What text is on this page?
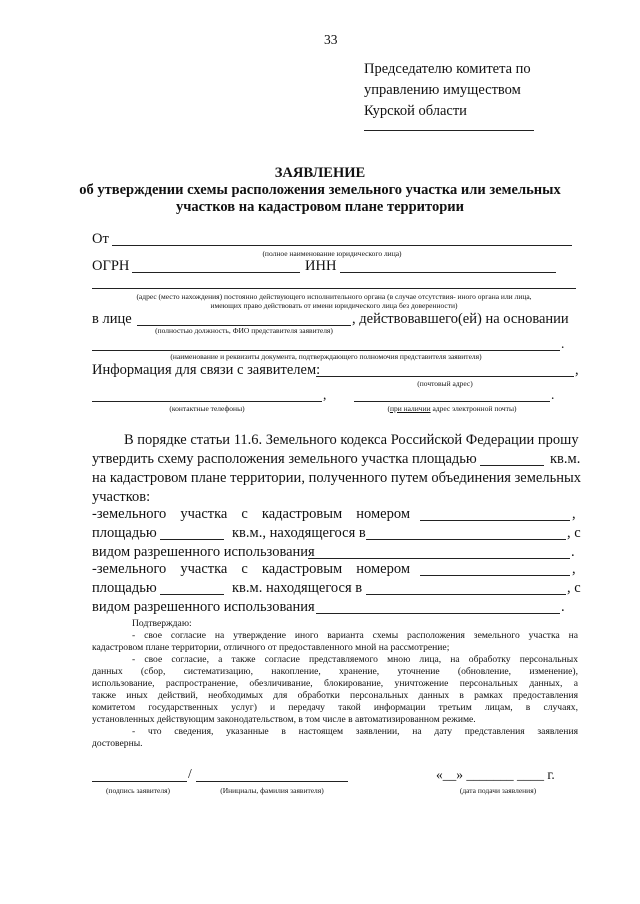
33
Председателю комитета по
управлению имуществом
Курской области
ЗАЯВЛЕНИЕ
об утверждении схемы расположения земельного участка или земельных
участков на кадастровом плане территории
От
(полное наименование юридического лица)
ОГРН	ИНН
(адрес (место нахождения) постоянно действующего исполнительного органа (в случае отсутствия- иного органа или лица,
имеющих право действовать от имени юридического лица без доверенности)
в лице	, действовавшего(ей) на основании
(полностью должность, ФИО представителя заявителя)
.
(наименование и реквизиты документа, подтверждающего полномочия представителя заявителя)
Информация для связи с заявителем:	,
(почтовый адрес)
,	.
(контактные телефоны)	(при наличии адрес электронной почты)
В порядке статьи 11.6. Земельного кодекса Российской Федерации прошу
утвердить схему расположения земельного участка площадью	кв.м.
на кадастровом плане территории, полученного путем объединения земельных
участков:
-земельного участка с кадастровым номером	,
площадью	кв.м., находящегося в	, с
видом разрешенного использования	.
-земельного участка с кадастровым номером	,
площадью	кв.м. находящегося в	, с
видом разрешенного использования	.
Подтверждаю:
- свое согласие на утверждение иного варианта схемы расположения земельного участка на
кадастровом плане территории, отличного от предоставленного мной на рассмотрение;
- свое согласие, а также согласие представляемого мною лица, на обработку персональных
данных (сбор, систематизацию, накопление, хранение, уточнение (обновление, изменение),
использование, распространение, обезличивание, блокирование, уничтожение персональных данных, а
также иных действий, необходимых для обработки персональных данных в рамках предоставления
комитетом государственных услуг) и передачу такой информации третьим лицам, в случаях,
установленных действующим законодательством, в том числе в автоматизированном режиме.
- что сведения, указанные в настоящем заявлении, на дату представления заявления
достоверны.
/	«__» _______ ____ г.
(подпись заявителя)	(Инициалы, фамилия заявителя)	(дата подачи заявления)
